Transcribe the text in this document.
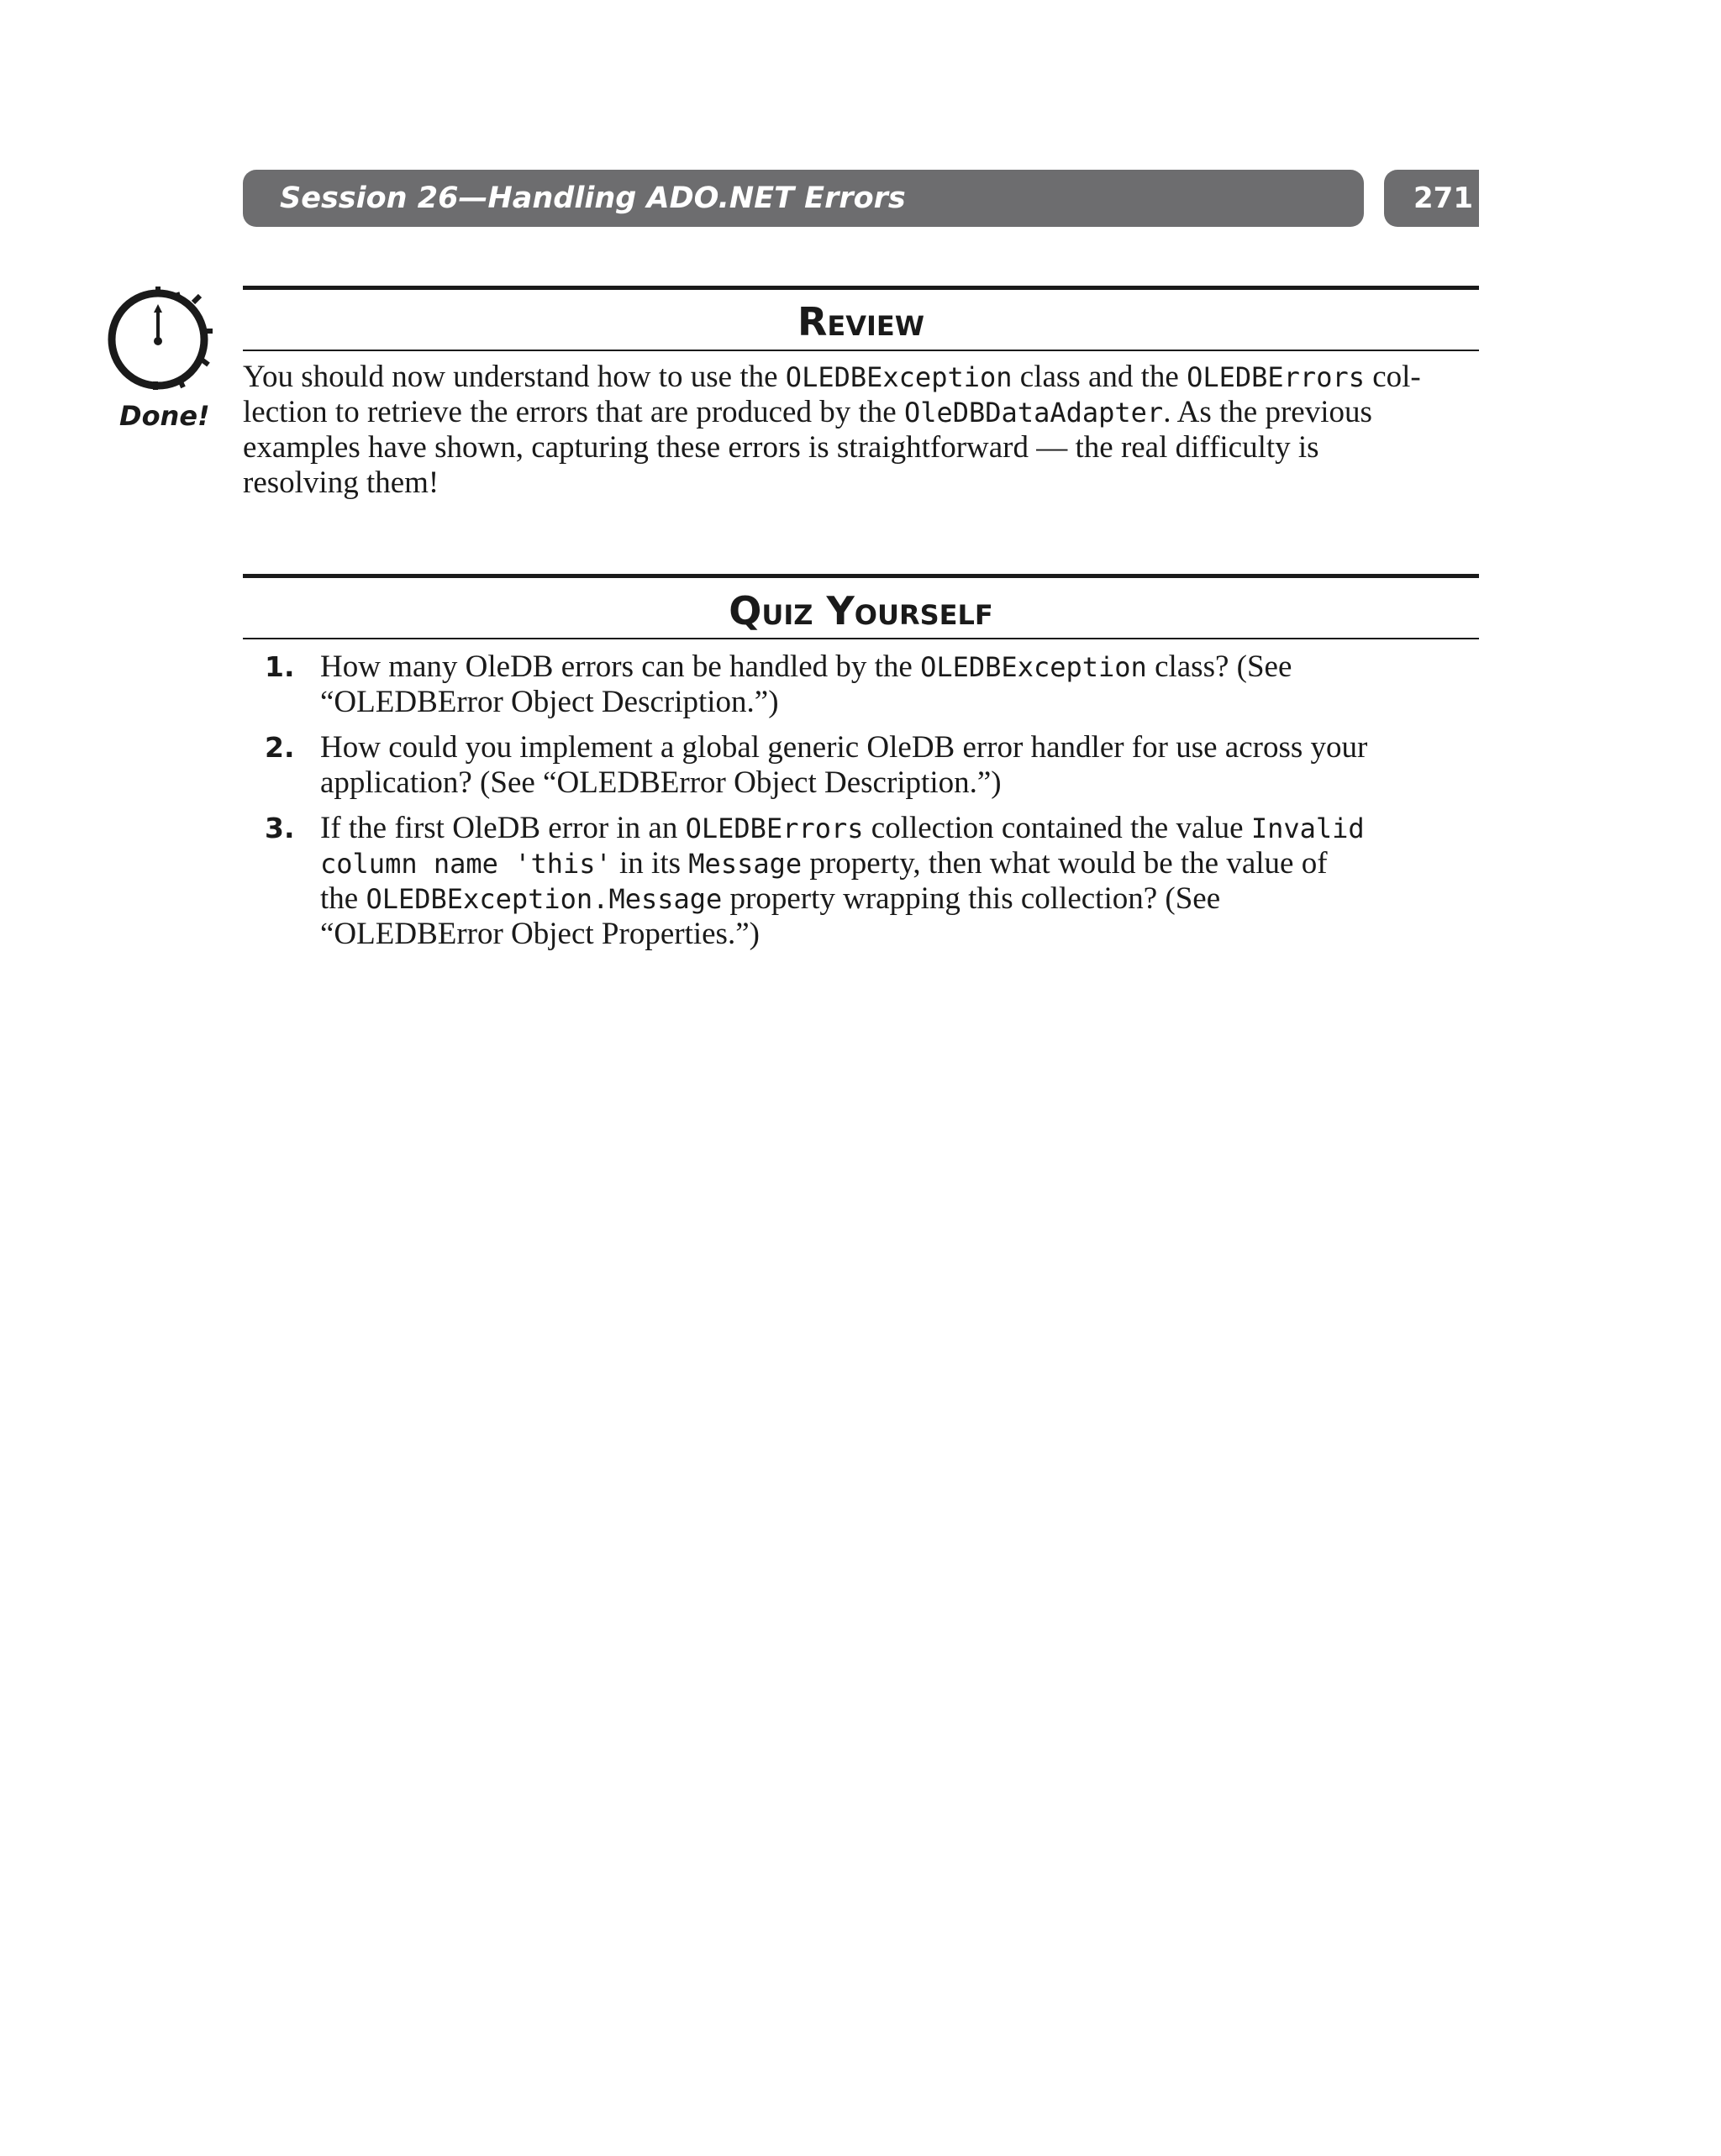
Session 26—Handling ADO.NET Errors	271
Done!
Review
You should now understand how to use the OLEDBException class and the OLEDBErrors col-
lection to retrieve the errors that are produced by the OleDBDataAdapter. As the previous
examples have shown, capturing these errors is straightforward — the real difficulty is
resolving them!
Quiz Yourself
1. How many OleDB errors can be handled by the OLEDBException class? (See
“OLEDBError Object Description.”)
2. How could you implement a global generic OleDB error handler for use across your
application? (See “OLEDBError Object Description.”)
3. If the first OleDB error in an OLEDBErrors collection contained the value Invalid
column name 'this' in its Message property, then what would be the value of
the OLEDBException.Message property wrapping this collection? (See
“OLEDBError Object Properties.”)
